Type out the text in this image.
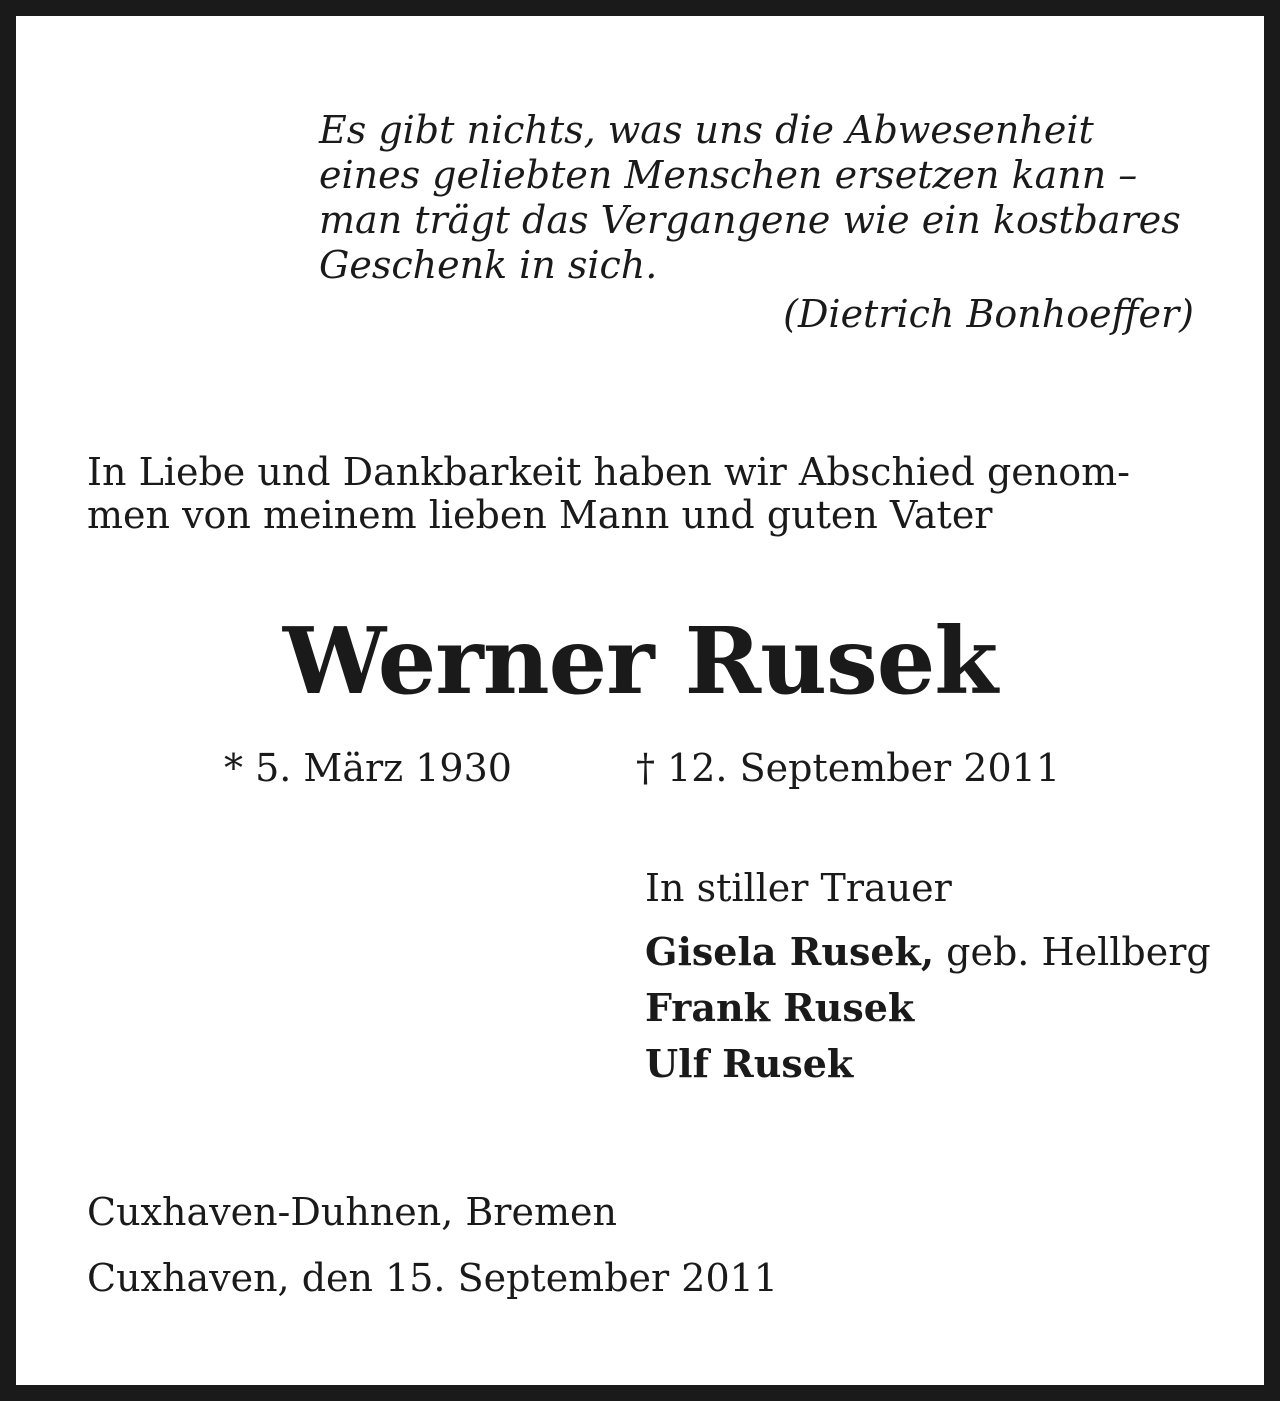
Es gibt nichts, was uns die Abwesenheit
eines geliebten Menschen ersetzen kann –
man trägt das Vergangene wie ein kostbares
Geschenk in sich.
(Dietrich Bonhoeffer)
In Liebe und Dankbarkeit haben wir Abschied genom-
men von meinem lieben Mann und guten Vater
Werner Rusek
* 5. März 1930	† 12. September 2011
In stiller Trauer
Gisela Rusek, geb. Hellberg
Frank Rusek
Ulf Rusek
Cuxhaven-Duhnen, Bremen
Cuxhaven, den 15. September 2011
